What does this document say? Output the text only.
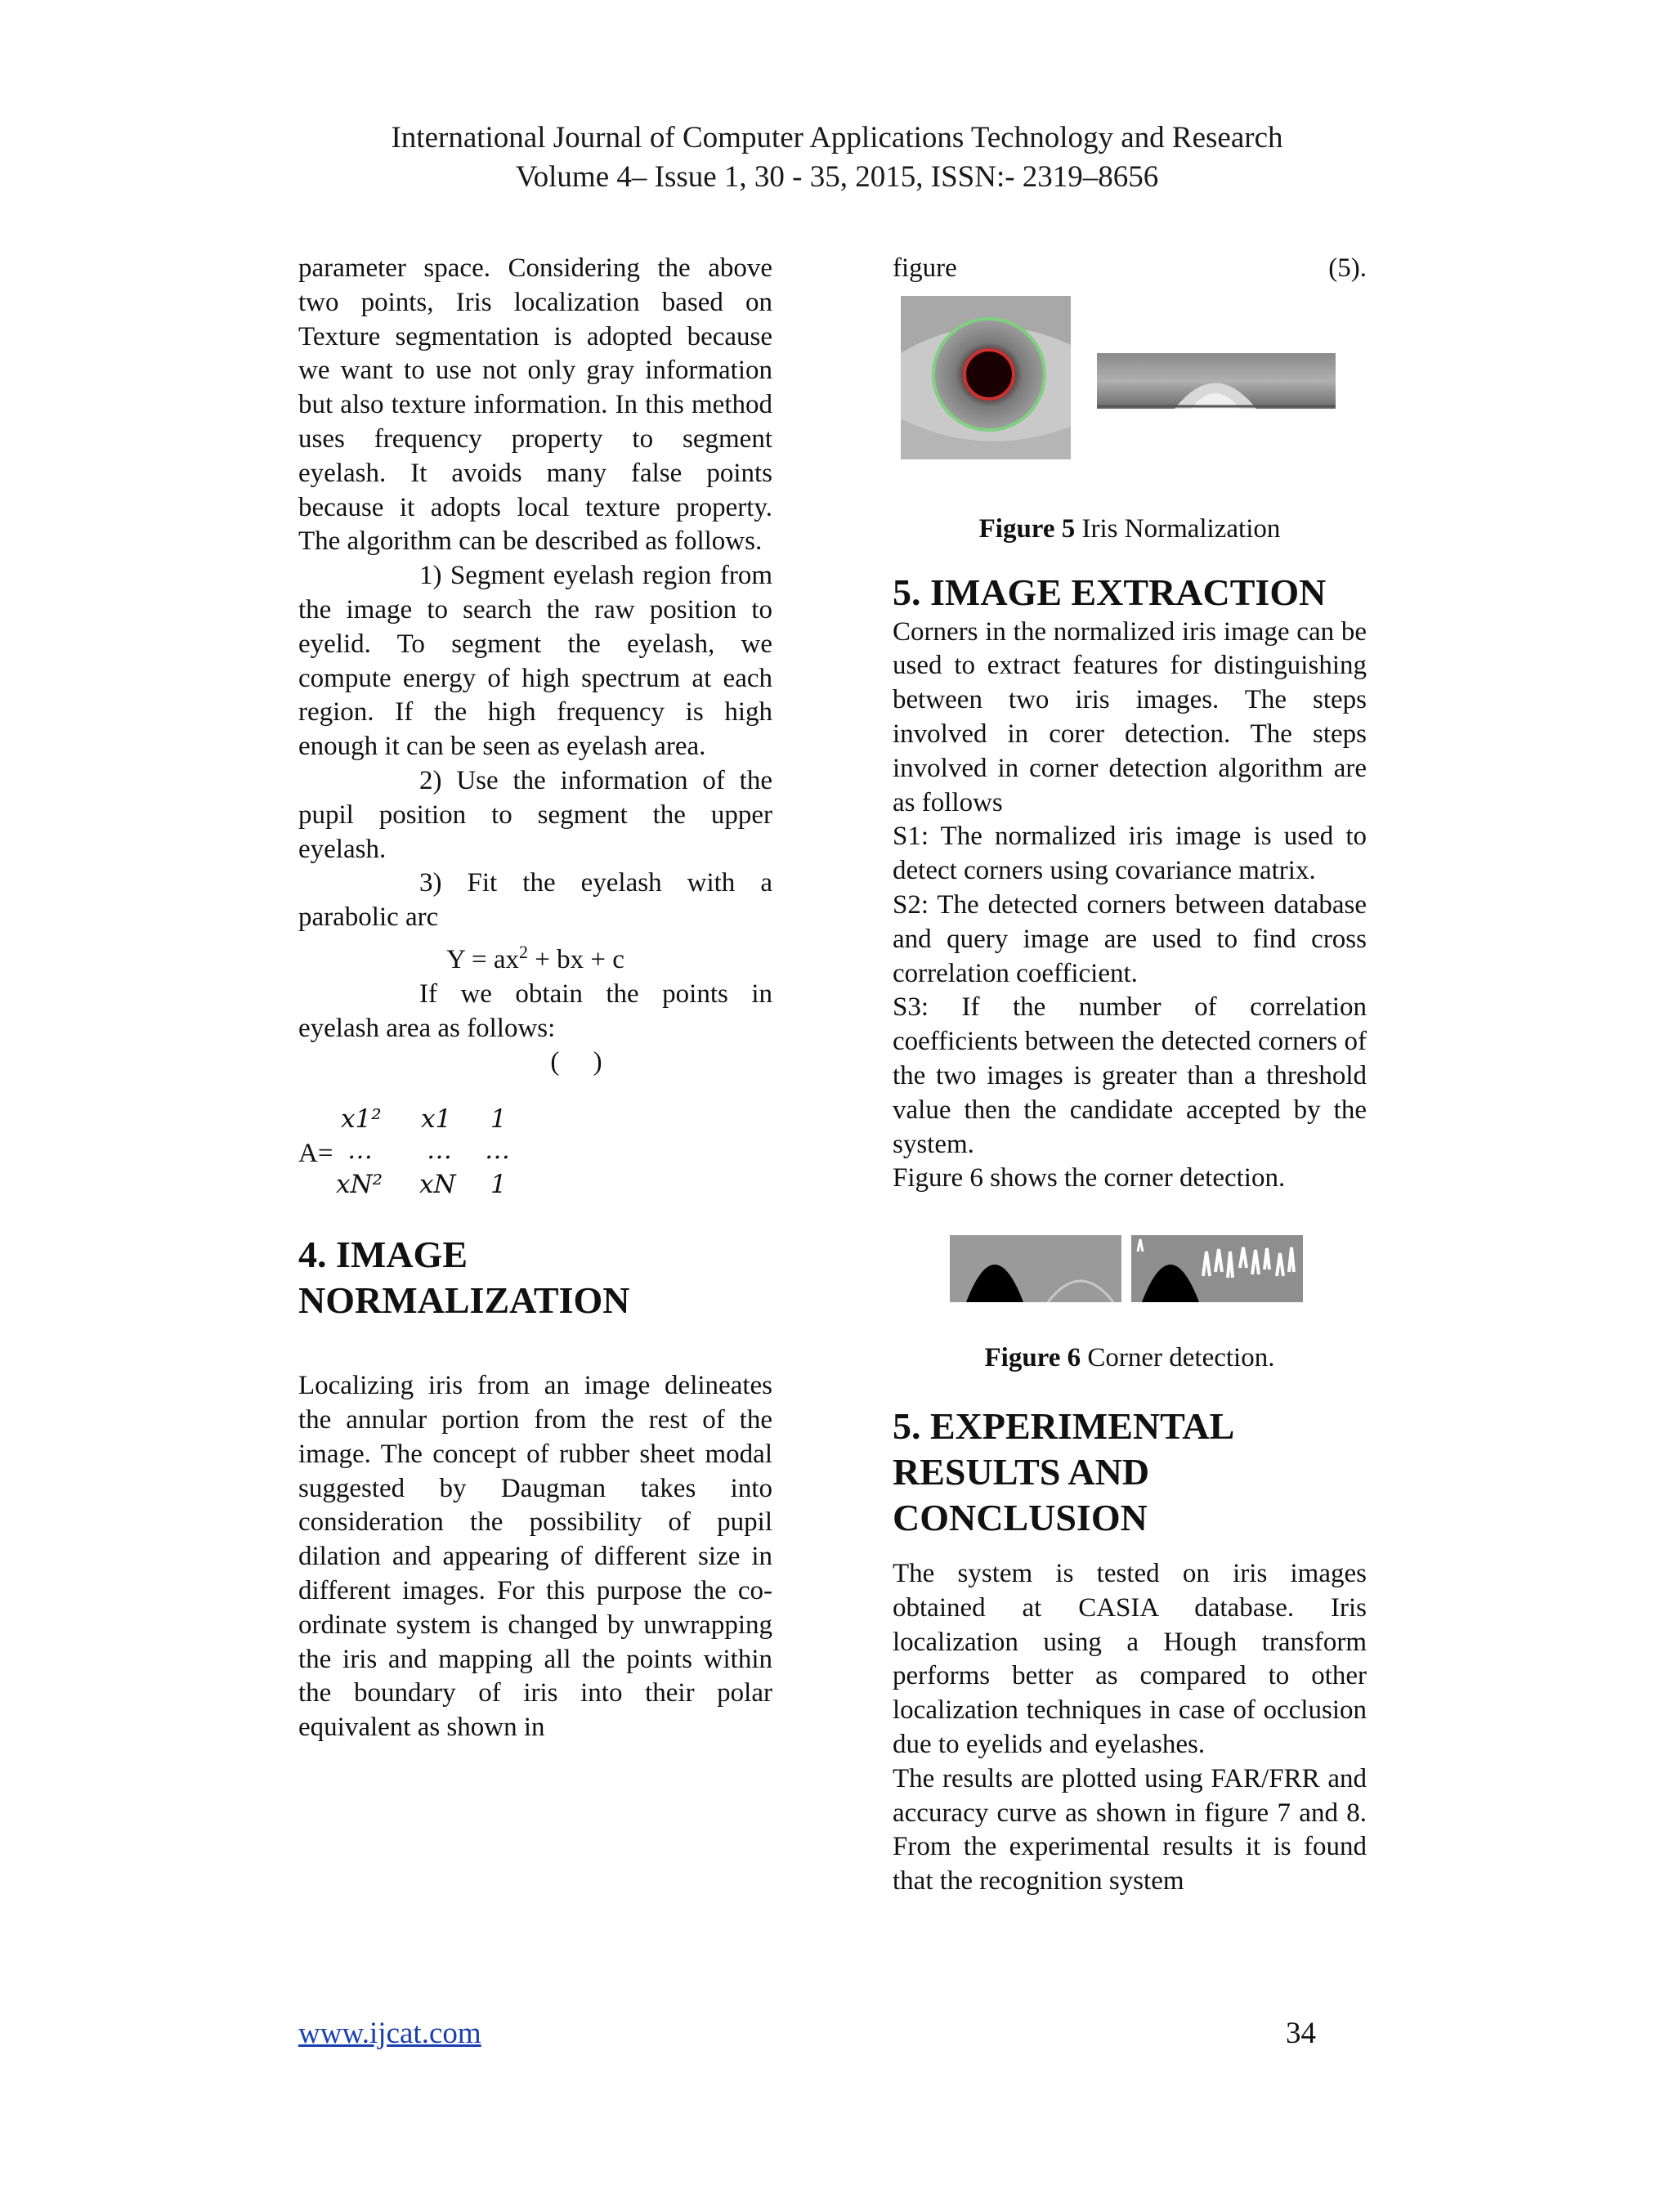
International Journal of Computer Applications Technology and Research
Volume 4– Issue 1, 30 - 35, 2015, ISSN:- 2319–8656

parameter space. Considering the above two points, Iris localization based on Texture segmentation is adopted because we want to use not only gray information but also texture information. In this method uses frequency property to segment eyelash. It avoids many false points because it adopts local texture property. The algorithm can be described as follows.

1) Segment eyelash region from the image to search the raw position to eyelid. To segment the eyelash, we compute energy of high spectrum at each region. If the high frequency is high enough it can be seen as eyelash area.

2) Use the information of the pupil position to segment the upper eyelash.

3) Fit the eyelash with a parabolic arc

$Y = ax^2$ + bx + c

If we obtain the points in eyelash area as follows:

(     )

x1² x1 1
A= … … …
xN² xN 1
4. IMAGE NORMALIZATION

Localizing iris from an image delineates the annular portion from the rest of the image. The concept of rubber sheet modal suggested by Daugman takes into consideration the possibility of pupil dilation and appearing of different size in different images. For this purpose the co-ordinate system is changed by unwrapping the iris and mapping all the points within the boundary of iris into their polar equivalent as shown in

figure	(5).

Figure 5 Iris Normalization

5. IMAGE EXTRACTION

Corners in the normalized iris image can be used to extract features for distinguishing between two iris images. The steps involved in corer detection. The steps involved in corner detection algorithm are as follows

S1: The normalized iris image is used to detect corners using covariance matrix.

S2: The detected corners between database and query image are used to find cross correlation coefficient.

S3: If the number of correlation coefficients between the detected corners of the two images is greater than a threshold value then the candidate accepted by the system.

Figure 6 shows the corner detection.

Figure 6 Corner detection.

5. EXPERIMENTAL RESULTS AND CONCLUSION

The system is tested on iris images obtained at CASIA database. Iris localization using a Hough transform performs better as compared to other localization techniques in case of occlusion due to eyelids and eyelashes.

The results are plotted using FAR/FRR and accuracy curve as shown in figure 7 and 8. From the experimental results it is found that the recognition system

www.ijcat.com	34
